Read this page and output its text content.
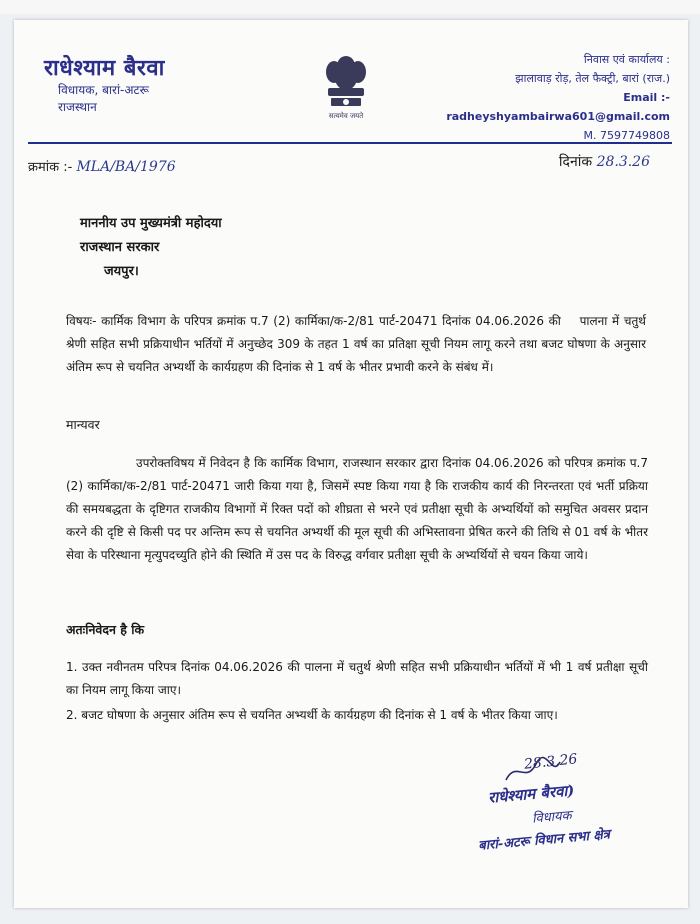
राधेश्याम बैरवा
विधायक, बारां-अटरू
राजस्थान
सत्यमेव जयते
निवास एवं कार्यालय :
झालावाड़ रोड़, तेल फैक्ट्री, बारां (राज.)
Email :- radheyshyambairwa601@gmail.com
M. 7597749808
क्रमांक :- MLA/BA/1976	दिनांक 28.3.26
माननीय उप मुख्यमंत्री महोदया
राजस्थान सरकार
जयपुर।
विषयः- कार्मिक विभाग के परिपत्र क्रमांक प.7 (2) कार्मिका/क-2/81 पार्ट-20471 दिनांक 04.06.2026 की पालना में चतुर्थ श्रेणी सहित सभी प्रक्रियाधीन भर्तियों में अनुच्छेद 309 के तहत 1 वर्ष का प्रतिक्षा सूची नियम लागू करने तथा बजट घोषणा के अनुसार अंतिम रूप से चयनित अभ्यर्थी के कार्यग्रहण की दिनांक से 1 वर्ष के भीतर प्रभावी करने के संबंध में।
मान्यवर
उपरोक्तविषय में निवेदन है कि कार्मिक विभाग, राजस्थान सरकार द्वारा दिनांक 04.06.2026 को परिपत्र क्रमांक प.7 (2) कार्मिका/क-2/81 पार्ट-20471 जारी किया गया है, जिसमें स्पष्ट किया गया है कि राजकीय कार्य की निरन्तरता एवं भर्ती प्रक्रिया की समयबद्धता के दृष्टिगत राजकीय विभागों में रिक्त पदों को शीघ्रता से भरने एवं प्रतीक्षा सूची के अभ्यर्थियों को समुचित अवसर प्रदान करने की दृष्टि से किसी पद पर अन्तिम रूप से चयनित अभ्यर्थी की मूल सूची की अभिस्तावना प्रेषित करने की तिथि से 01 वर्ष के भीतर सेवा के परिस्थाना मृत्युपदच्युति होने की स्थिति में उस पद के विरुद्ध वर्गवार प्रतीक्षा सूची के अभ्यर्थियों से चयन किया जाये।
अतःनिवेदन है कि

1. उक्त नवीनतम परिपत्र दिनांक 04.06.2026 की पालना में चतुर्थ श्रेणी सहित सभी प्रक्रियाधीन भर्तियों में भी 1 वर्ष प्रतीक्षा सूची का नियम लागू किया जाए।

2. बजट घोषणा के अनुसार अंतिम रूप से चयनित अभ्यर्थी के कार्यग्रहण की दिनांक से 1 वर्ष के भीतर किया जाए।

28.3.26
राधेश्याम बैरवा)
विधायक
बारां-अटरू विधान सभा क्षेत्र
